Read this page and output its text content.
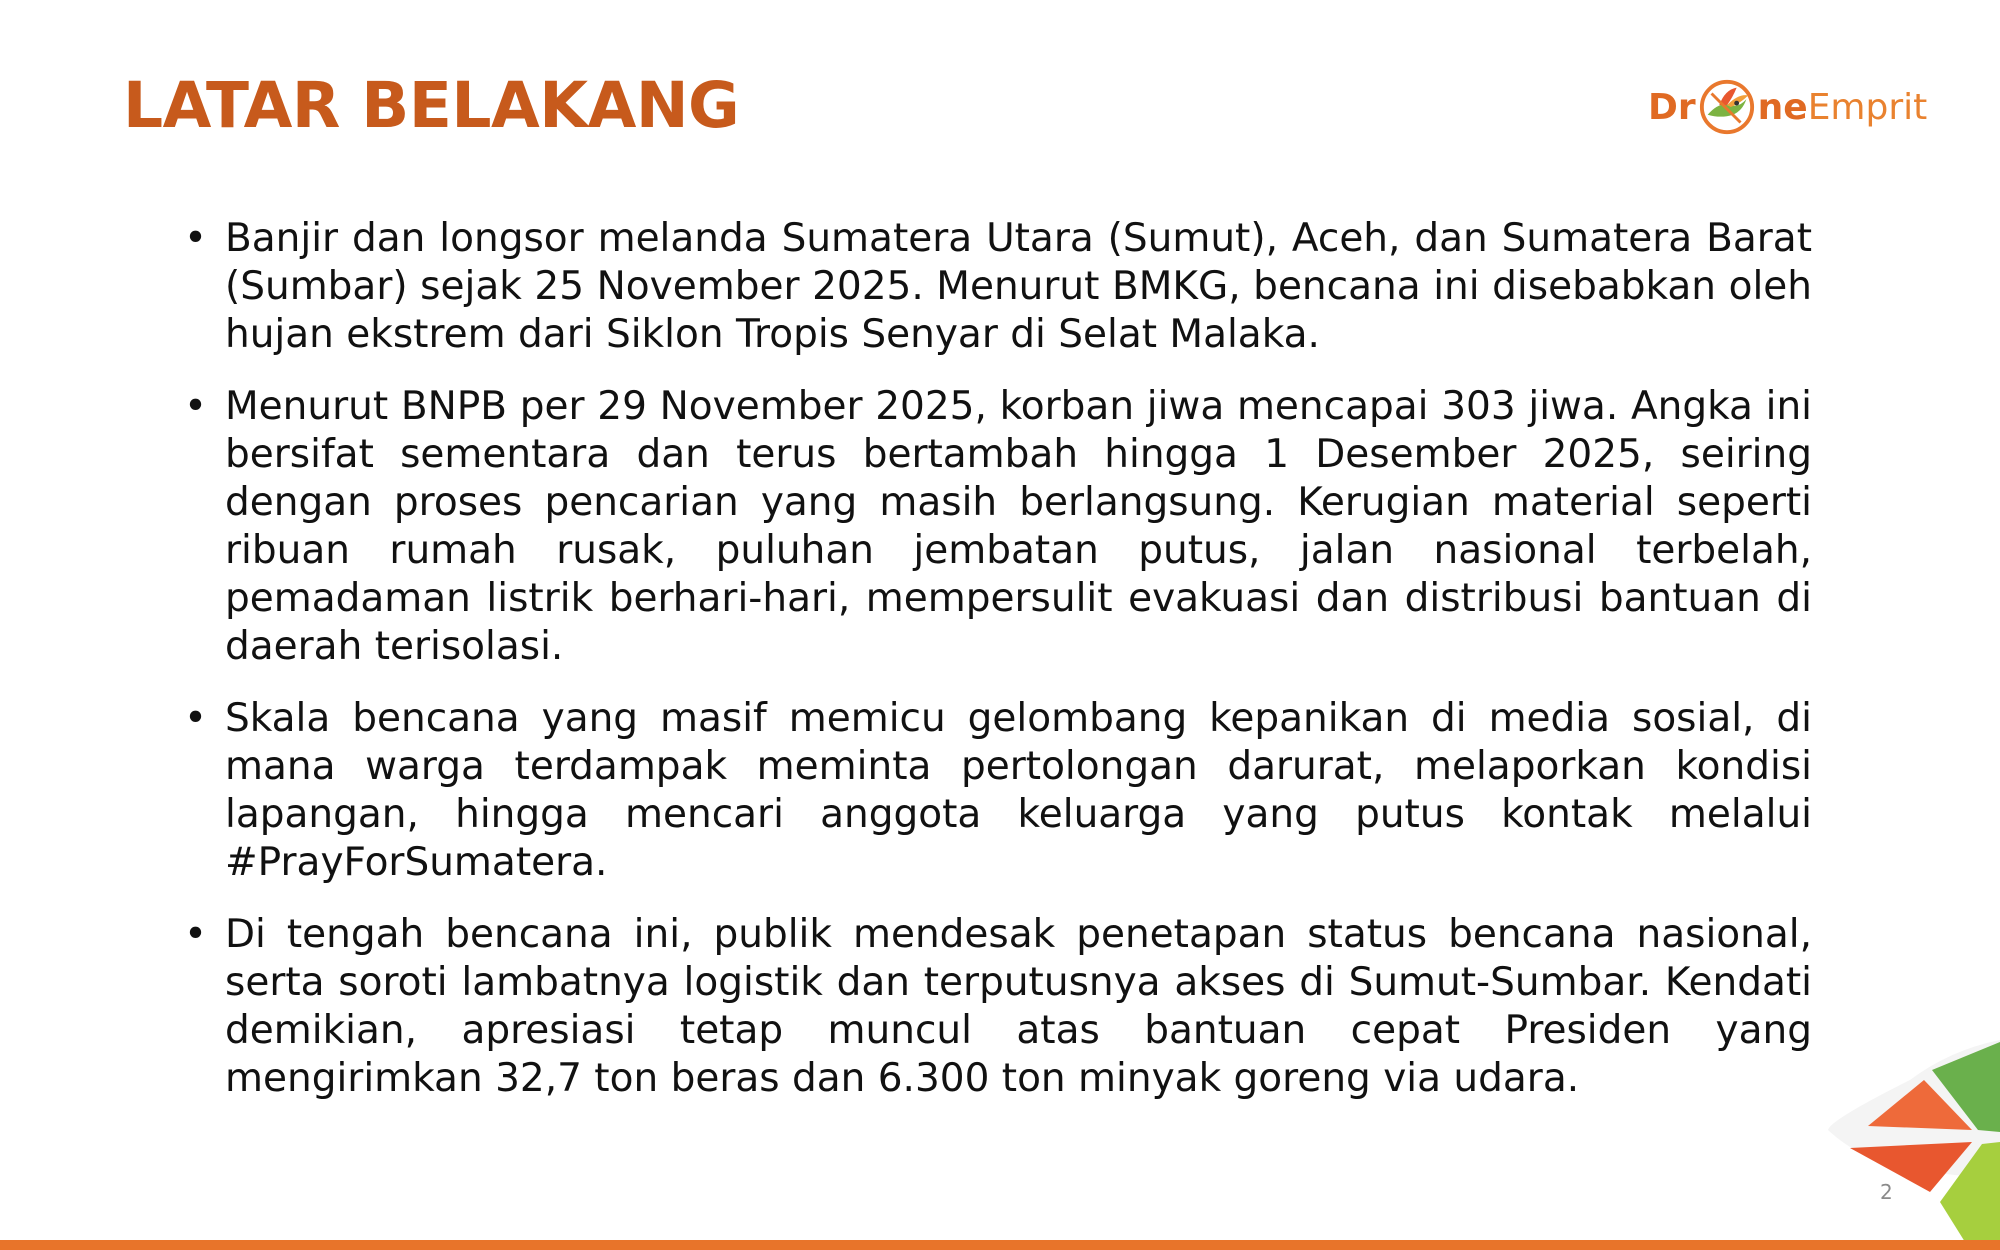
LATAR BELAKANG	Dr ne Emprit
• Banjir dan longsor melanda Sumatera Utara (Sumut), Aceh, dan Sumatera Barat (Sumbar) sejak 25 November 2025. Menurut BMKG, bencana ini disebabkan oleh hujan ekstrem dari Siklon Tropis Senyar di Selat Malaka.
• Menurut BNPB per 29 November 2025, korban jiwa mencapai 303 jiwa. Angka ini bersifat sementara dan terus bertambah hingga 1 Desember 2025, seiring dengan proses pencarian yang masih berlangsung. Kerugian material seperti ribuan rumah rusak, puluhan jembatan putus, jalan nasional terbelah, pemadaman listrik berhari-hari, mempersulit evakuasi dan distribusi bantuan di daerah terisolasi.
• Skala bencana yang masif memicu gelombang kepanikan di media sosial, di mana warga terdampak meminta pertolongan darurat, melaporkan kondisi lapangan, hingga mencari anggota keluarga yang putus kontak melalui #PrayForSumatera.
• Di tengah bencana ini, publik mendesak penetapan status bencana nasional, serta soroti lambatnya logistik dan terputusnya akses di Sumut-Sumbar. Kendati demikian, apresiasi tetap muncul atas bantuan cepat Presiden yang mengirimkan 32,7 ton beras dan 6.300 ton minyak goreng via udara.
2
